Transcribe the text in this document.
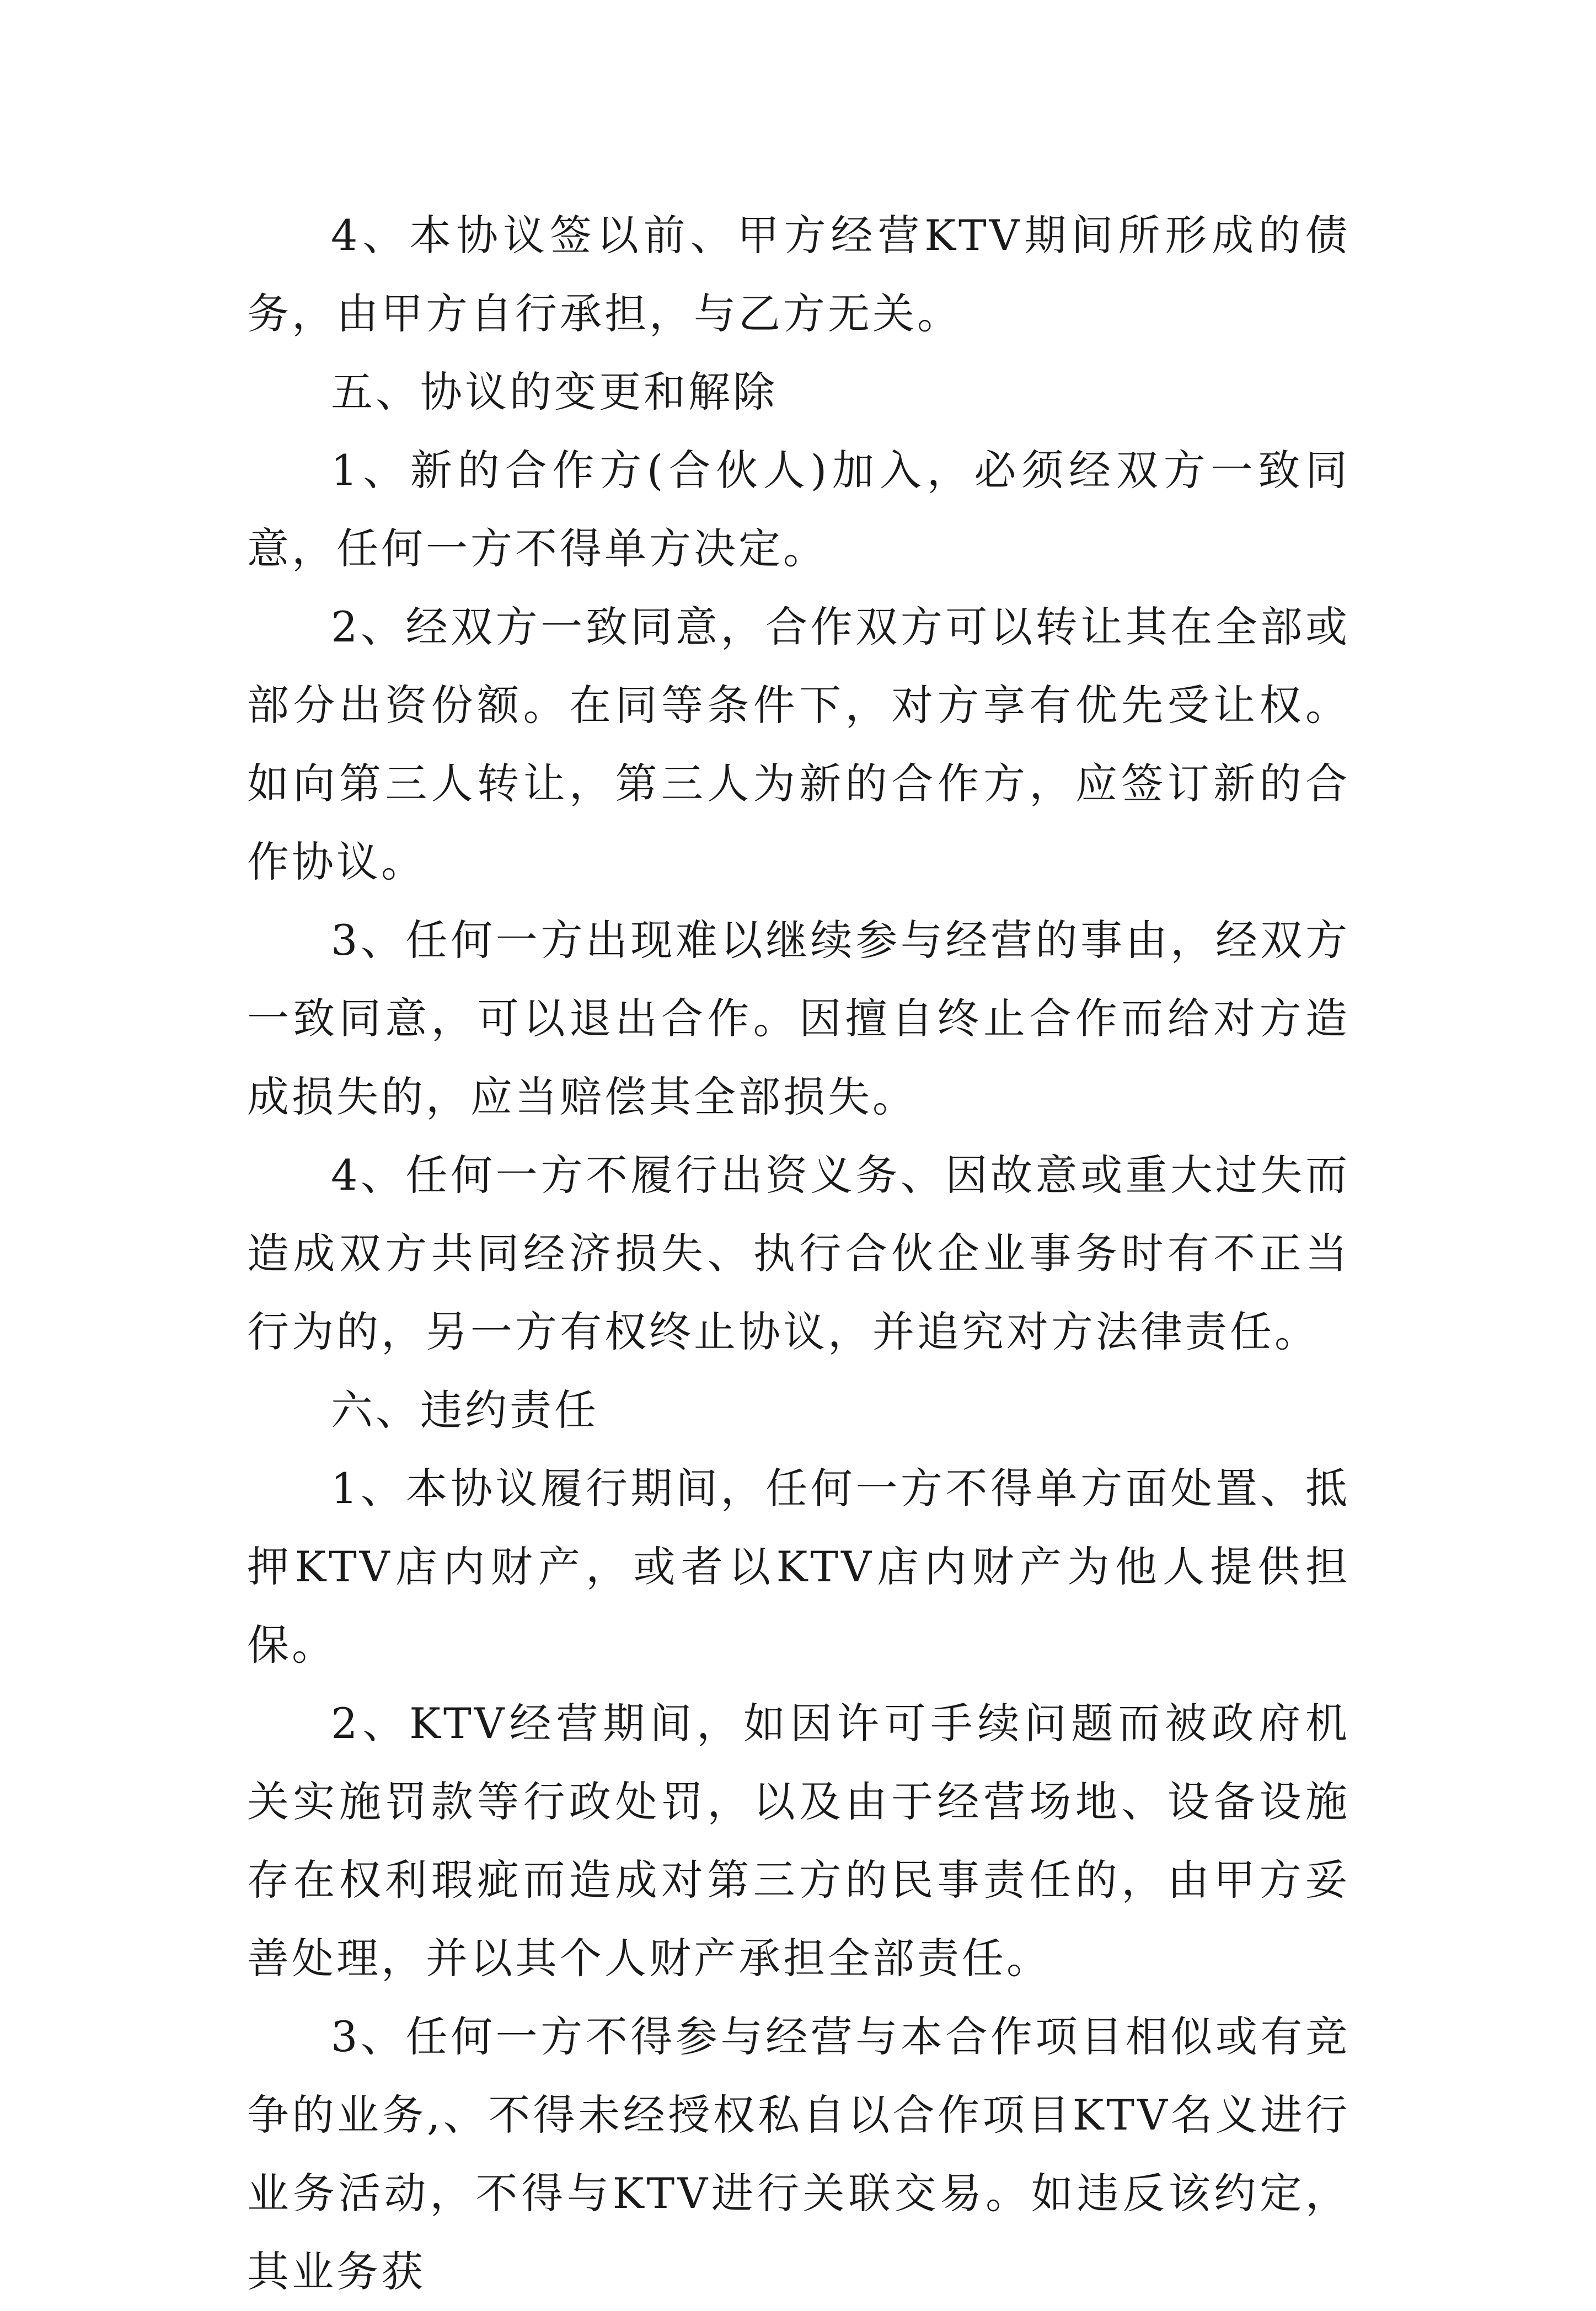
4、本协议签以前、甲方经营KTV期间所形成的债务，由甲方自行承担，与乙方无关。

五、协议的变更和解除

1、新的合作方(合伙人)加入，必须经双方一致同意，任何一方不得单方决定。

2、经双方一致同意，合作双方可以转让其在全部或部分出资份额。在同等条件下，对方享有优先受让权。如向第三人转让，第三人为新的合作方，应签订新的合作协议。

3、任何一方出现难以继续参与经营的事由，经双方一致同意，可以退出合作。因擅自终止合作而给对方造成损失的，应当赔偿其全部损失。

4、任何一方不履行出资义务、因故意或重大过失而造成双方共同经济损失、执行合伙企业事务时有不正当行为的，另一方有权终止协议，并追究对方法律责任。

六、违约责任

1、本协议履行期间，任何一方不得单方面处置、抵押KTV店内财产，或者以KTV店内财产为他人提供担保。

2、KTV经营期间，如因许可手续问题而被政府机关实施罚款等行政处罚，以及由于经营场地、设备设施存在权利瑕疵而造成对第三方的民事责任的，由甲方妥善处理，并以其个人财产承担全部责任。

3、任何一方不得参与经营与本合作项目相似或有竞争的业务,、不得未经授权私自以合作项目KTV名义进行业务活动，不得与KTV进行关联交易。如违反该约定，其业务获
